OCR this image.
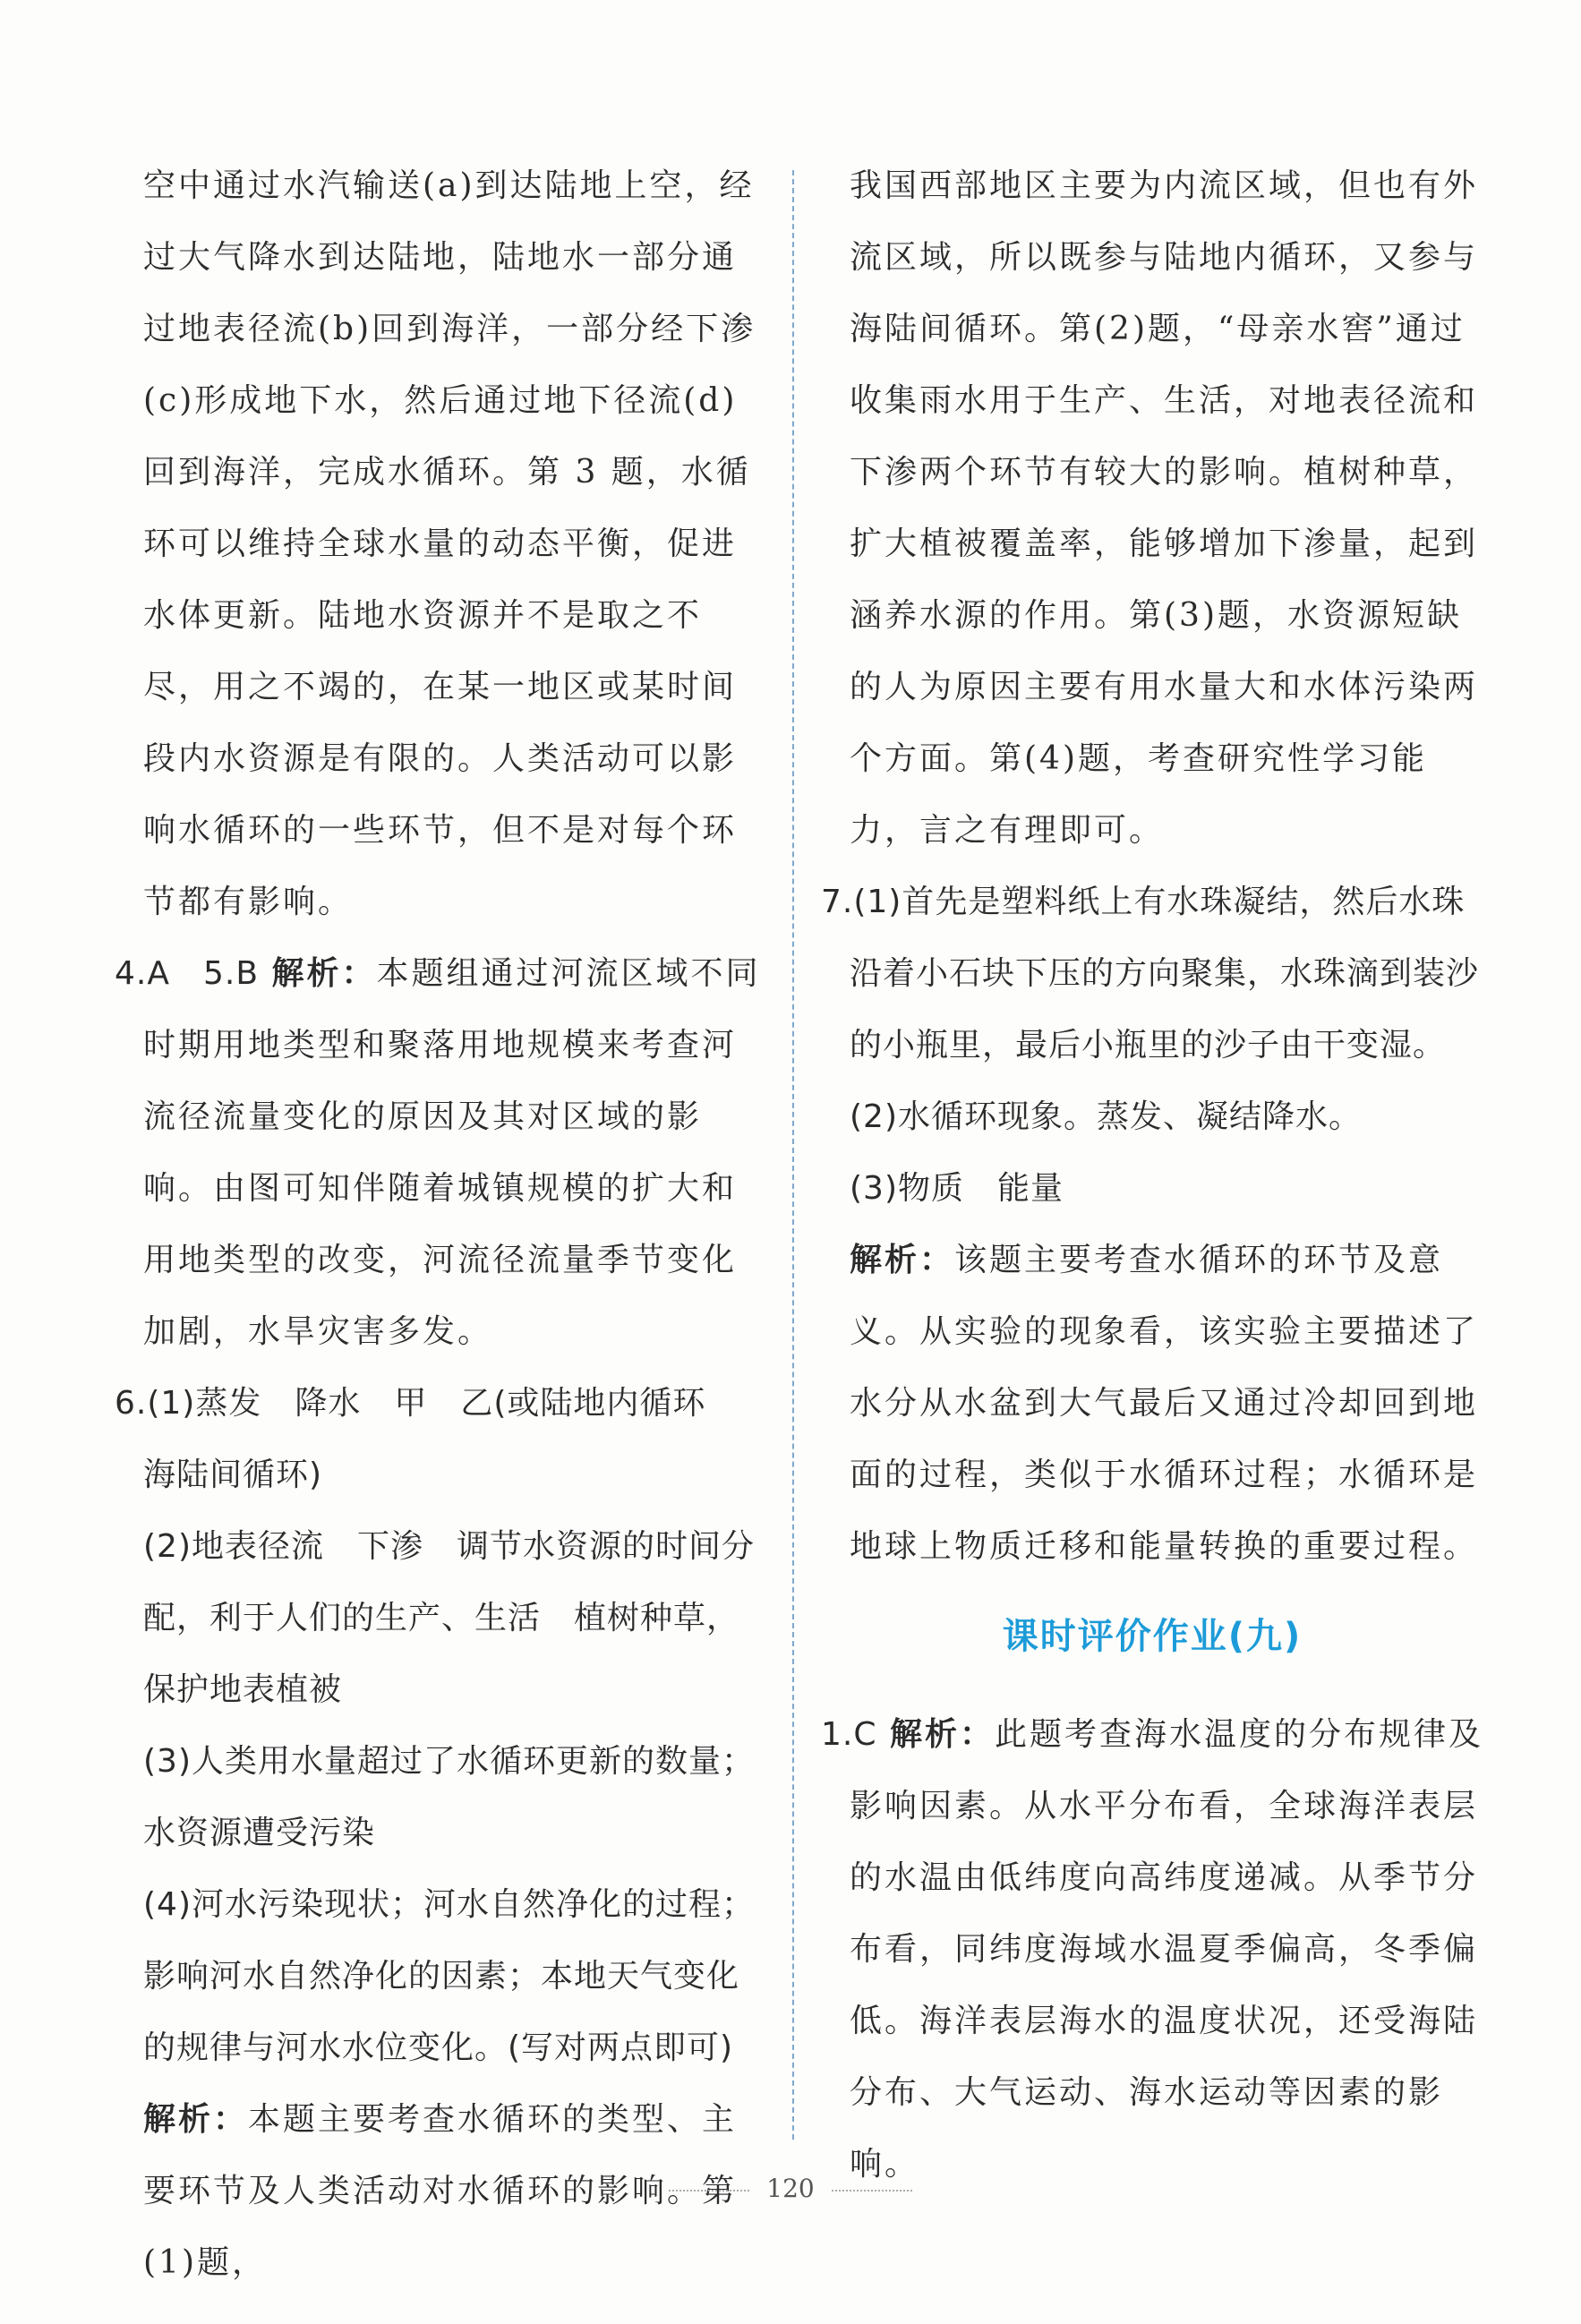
空中通过水汽输送(a)到达陆地上空，经过大气降水到达陆地，陆地水一部分通过地表径流(b)回到海洋，一部分经下渗(c)形成地下水，然后通过地下径流(d)回到海洋，完成水循环。第 3 题，水循环可以维持全球水量的动态平衡，促进水体更新。陆地水资源并不是取之不尽，用之不竭的，在某一地区或某时间段内水资源是有限的。人类活动可以影响水循环的一些环节，但不是对每个环节都有影响。

4.A　5.B 解析：本题组通过河流区域不同时期用地类型和聚落用地规模来考查河流径流量变化的原因及其对区域的影响。由图可知伴随着城镇规模的扩大和用地类型的改变，河流径流量季节变化加剧，水旱灾害多发。

6.(1)蒸发　降水　甲　乙(或陆地内循环　海陆间循环)

(2)地表径流　下渗　调节水资源的时间分配，利于人们的生产、生活　植树种草，保护地表植被

(3)人类用水量超过了水循环更新的数量；水资源遭受污染

(4)河水污染现状；河水自然净化的过程；影响河水自然净化的因素；本地天气变化的规律与河水水位变化。(写对两点即可)

解析：本题主要考查水循环的类型、主要环节及人类活动对水循环的影响。第(1)题，

我国西部地区主要为内流区域，但也有外流区域，所以既参与陆地内循环，又参与海陆间循环。第(2)题，“母亲水窖”通过收集雨水用于生产、生活，对地表径流和下渗两个环节有较大的影响。植树种草，扩大植被覆盖率，能够增加下渗量，起到涵养水源的作用。第(3)题，水资源短缺的人为原因主要有用水量大和水体污染两个方面。第(4)题，考查研究性学习能力，言之有理即可。

7.(1)首先是塑料纸上有水珠凝结，然后水珠沿着小石块下压的方向聚集，水珠滴到装沙的小瓶里，最后小瓶里的沙子由干变湿。

(2)水循环现象。蒸发、凝结降水。

(3)物质　能量

解析：该题主要考查水循环的环节及意义。从实验的现象看，该实验主要描述了水分从水盆到大气最后又通过冷却回到地面的过程，类似于水循环过程；水循环是地球上物质迁移和能量转换的重要过程。

课时评价作业(九)

1.C 解析：此题考查海水温度的分布规律及影响因素。从水平分布看，全球海洋表层的水温由低纬度向高纬度递减。从季节分布看，同纬度海域水温夏季偏高，冬季偏低。海洋表层海水的温度状况，还受海陆分布、大气运动、海水运动等因素的影响。

120
